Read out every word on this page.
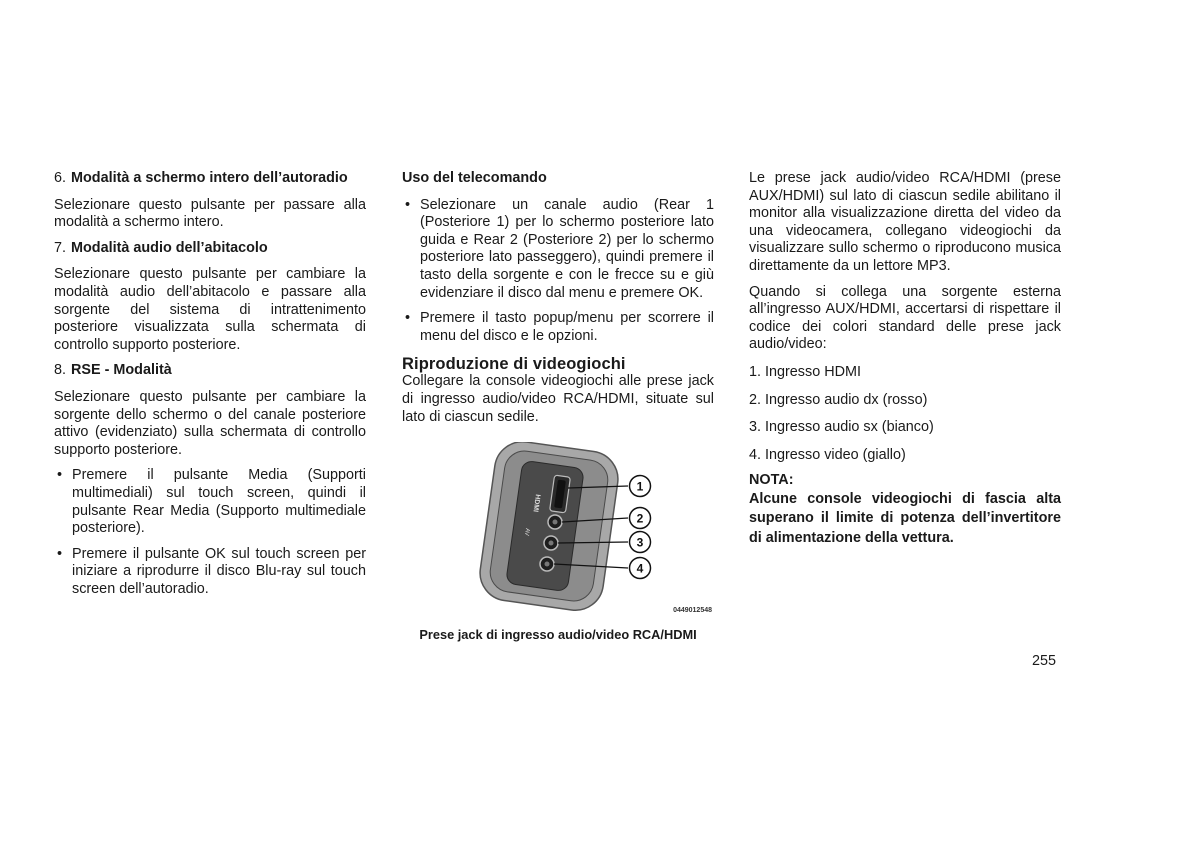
6. Modalità a schermo intero dell’autoradio

Selezionare questo pulsante per passare alla modalità a schermo intero.

7. Modalità audio dell’abitacolo

Selezionare questo pulsante per cambiare la modalità audio dell’abitacolo e passare alla sorgente del sistema di intrattenimento posteriore visualizzata sulla schermata di controllo supporto posteriore.

8. RSE - Modalità

Selezionare questo pulsante per cambiare la sorgente dello schermo o del canale posteriore attivo (evidenziato) sulla schermata di controllo supporto posteriore.

• Premere il pulsante Media (Supporti multimediali) sul touch screen, quindi il pulsante Rear Media (Supporto multimediale posteriore).
• Premere il pulsante OK sul touch screen per iniziare a riprodurre il disco Blu-ray sul touch screen dell’autoradio.

Uso del telecomando

• Selezionare un canale audio (Rear 1 (Posteriore 1) per lo schermo posteriore lato guida e Rear 2 (Posteriore 2) per lo schermo posteriore lato passeggero), quindi premere il tasto della sorgente e con le frecce su e giù evidenziare il disco dal menu e premere OK.
• Premere il tasto popup/menu per scorrere il menu del disco e le opzioni.

Riproduzione di videogiochi

Collegare la console videogiochi alle prese jack di ingresso audio/video RCA/HDMI, situate sul lato di ciascun sedile.

HDMI
AV
1
2
3
4
0449012548

Prese jack di ingresso audio/video RCA/HDMI

Le prese jack audio/video RCA/HDMI (prese AUX/HDMI) sul lato di ciascun sedile abilitano il monitor alla visualizzazione diretta del video da una videocamera, collegano videogiochi da visualizzare sullo schermo o riproducono musica direttamente da un lettore MP3.

Quando si collega una sorgente esterna all’ingresso AUX/HDMI, accertarsi di rispettare il codice dei colori standard delle prese jack audio/video:

1. Ingresso HDMI
2. Ingresso audio dx (rosso)
3. Ingresso audio sx (bianco)
4. Ingresso video (giallo)

NOTA:

Alcune console videogiochi di fascia alta superano il limite di potenza dell’invertitore di alimentazione della vettura.

255
